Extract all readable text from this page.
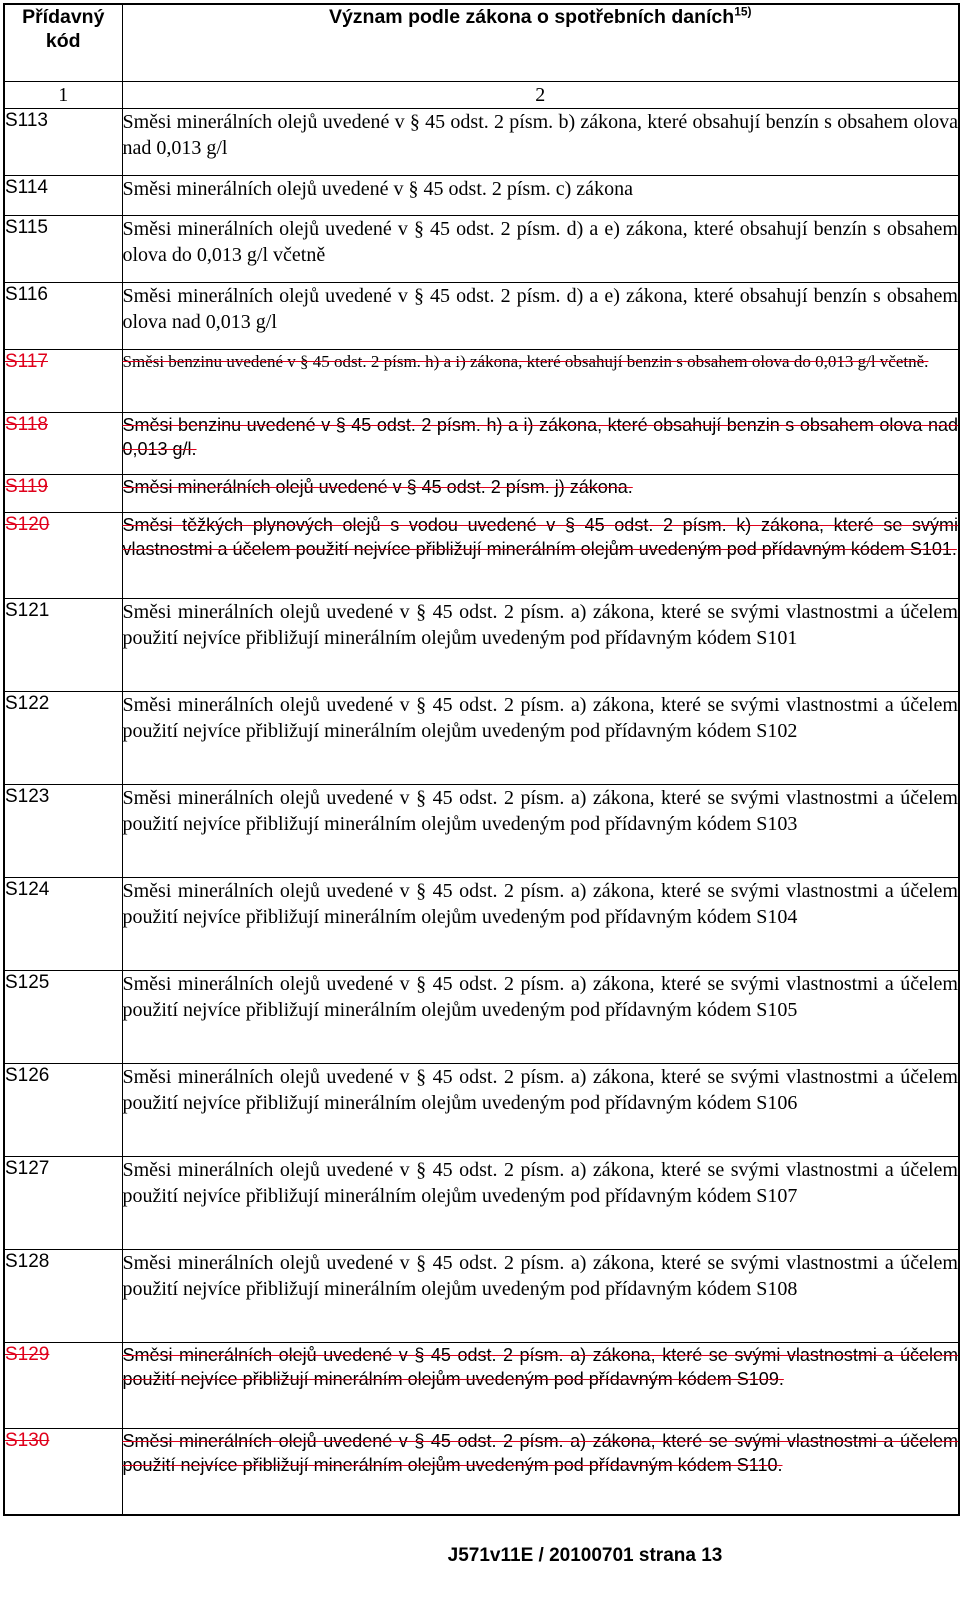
Přídavný kód	Význam podle zákona o spotřebních daních$^{15)}$
1	2
S113	Směsi minerálních olejů uvedené v § 45 odst. 2 písm. b) zákona, které obsahují benzín s obsahem olova nad 0,013 g/l
S114	Směsi minerálních olejů uvedené v § 45 odst. 2 písm. c) zákona
S115	Směsi minerálních olejů uvedené v § 45 odst. 2 písm. d) a e) zákona, které obsahují benzín s obsahem olova do 0,013 g/l včetně
S116	Směsi minerálních olejů uvedené v § 45 odst. 2 písm. d) a e) zákona, které obsahují benzín s obsahem olova nad 0,013 g/l
S117	Směsi benzinu uvedené v § 45 odst. 2 písm. h) a i) zákona, které obsahují benzin s obsahem olova do 0,013 g/l včetně.
S118	Směsi benzinu uvedené v § 45 odst. 2 písm. h) a i) zákona, které obsahují benzin s obsahem olova nad 0,013 g/l.
S119	Směsi minerálních olejů uvedené v § 45 odst. 2 písm. j) zákona.
S120	Směsi těžkých plynových olejů s vodou uvedené v § 45 odst. 2 písm. k) zákona, které se svými vlastnostmi a účelem použití nejvíce přibližují minerálním olejům uvedeným pod přídavným kódem S101.
S121	Směsi minerálních olejů uvedené v § 45 odst. 2 písm. a) zákona, které se svými vlastnostmi a účelem použití nejvíce přibližují minerálním olejům uvedeným pod přídavným kódem S101
S122	Směsi minerálních olejů uvedené v § 45 odst. 2 písm. a) zákona, které se svými vlastnostmi a účelem použití nejvíce přibližují minerálním olejům uvedeným pod přídavným kódem S102
S123	Směsi minerálních olejů uvedené v § 45 odst. 2 písm. a) zákona, které se svými vlastnostmi a účelem použití nejvíce přibližují minerálním olejům uvedeným pod přídavným kódem S103
S124	Směsi minerálních olejů uvedené v § 45 odst. 2 písm. a) zákona, které se svými vlastnostmi a účelem použití nejvíce přibližují minerálním olejům uvedeným pod přídavným kódem S104
S125	Směsi minerálních olejů uvedené v § 45 odst. 2 písm. a) zákona, které se svými vlastnostmi a účelem použití nejvíce přibližují minerálním olejům uvedeným pod přídavným kódem S105
S126	Směsi minerálních olejů uvedené v § 45 odst. 2 písm. a) zákona, které se svými vlastnostmi a účelem použití nejvíce přibližují minerálním olejům uvedeným pod přídavným kódem S106
S127	Směsi minerálních olejů uvedené v § 45 odst. 2 písm. a) zákona, které se svými vlastnostmi a účelem použití nejvíce přibližují minerálním olejům uvedeným pod přídavným kódem S107
S128	Směsi minerálních olejů uvedené v § 45 odst. 2 písm. a) zákona, které se svými vlastnostmi a účelem použití nejvíce přibližují minerálním olejům uvedeným pod přídavným kódem S108
S129	Směsi minerálních olejů uvedené v § 45 odst. 2 písm. a) zákona, které se svými vlastnostmi a účelem použití nejvíce přibližují minerálním olejům uvedeným pod přídavným kódem S109.
S130	Směsi minerálních olejů uvedené v § 45 odst. 2 písm. a) zákona, které se svými vlastnostmi a účelem použití nejvíce přibližují minerálním olejům uvedeným pod přídavným kódem S110.
J571v11E / 20100701 strana 13
